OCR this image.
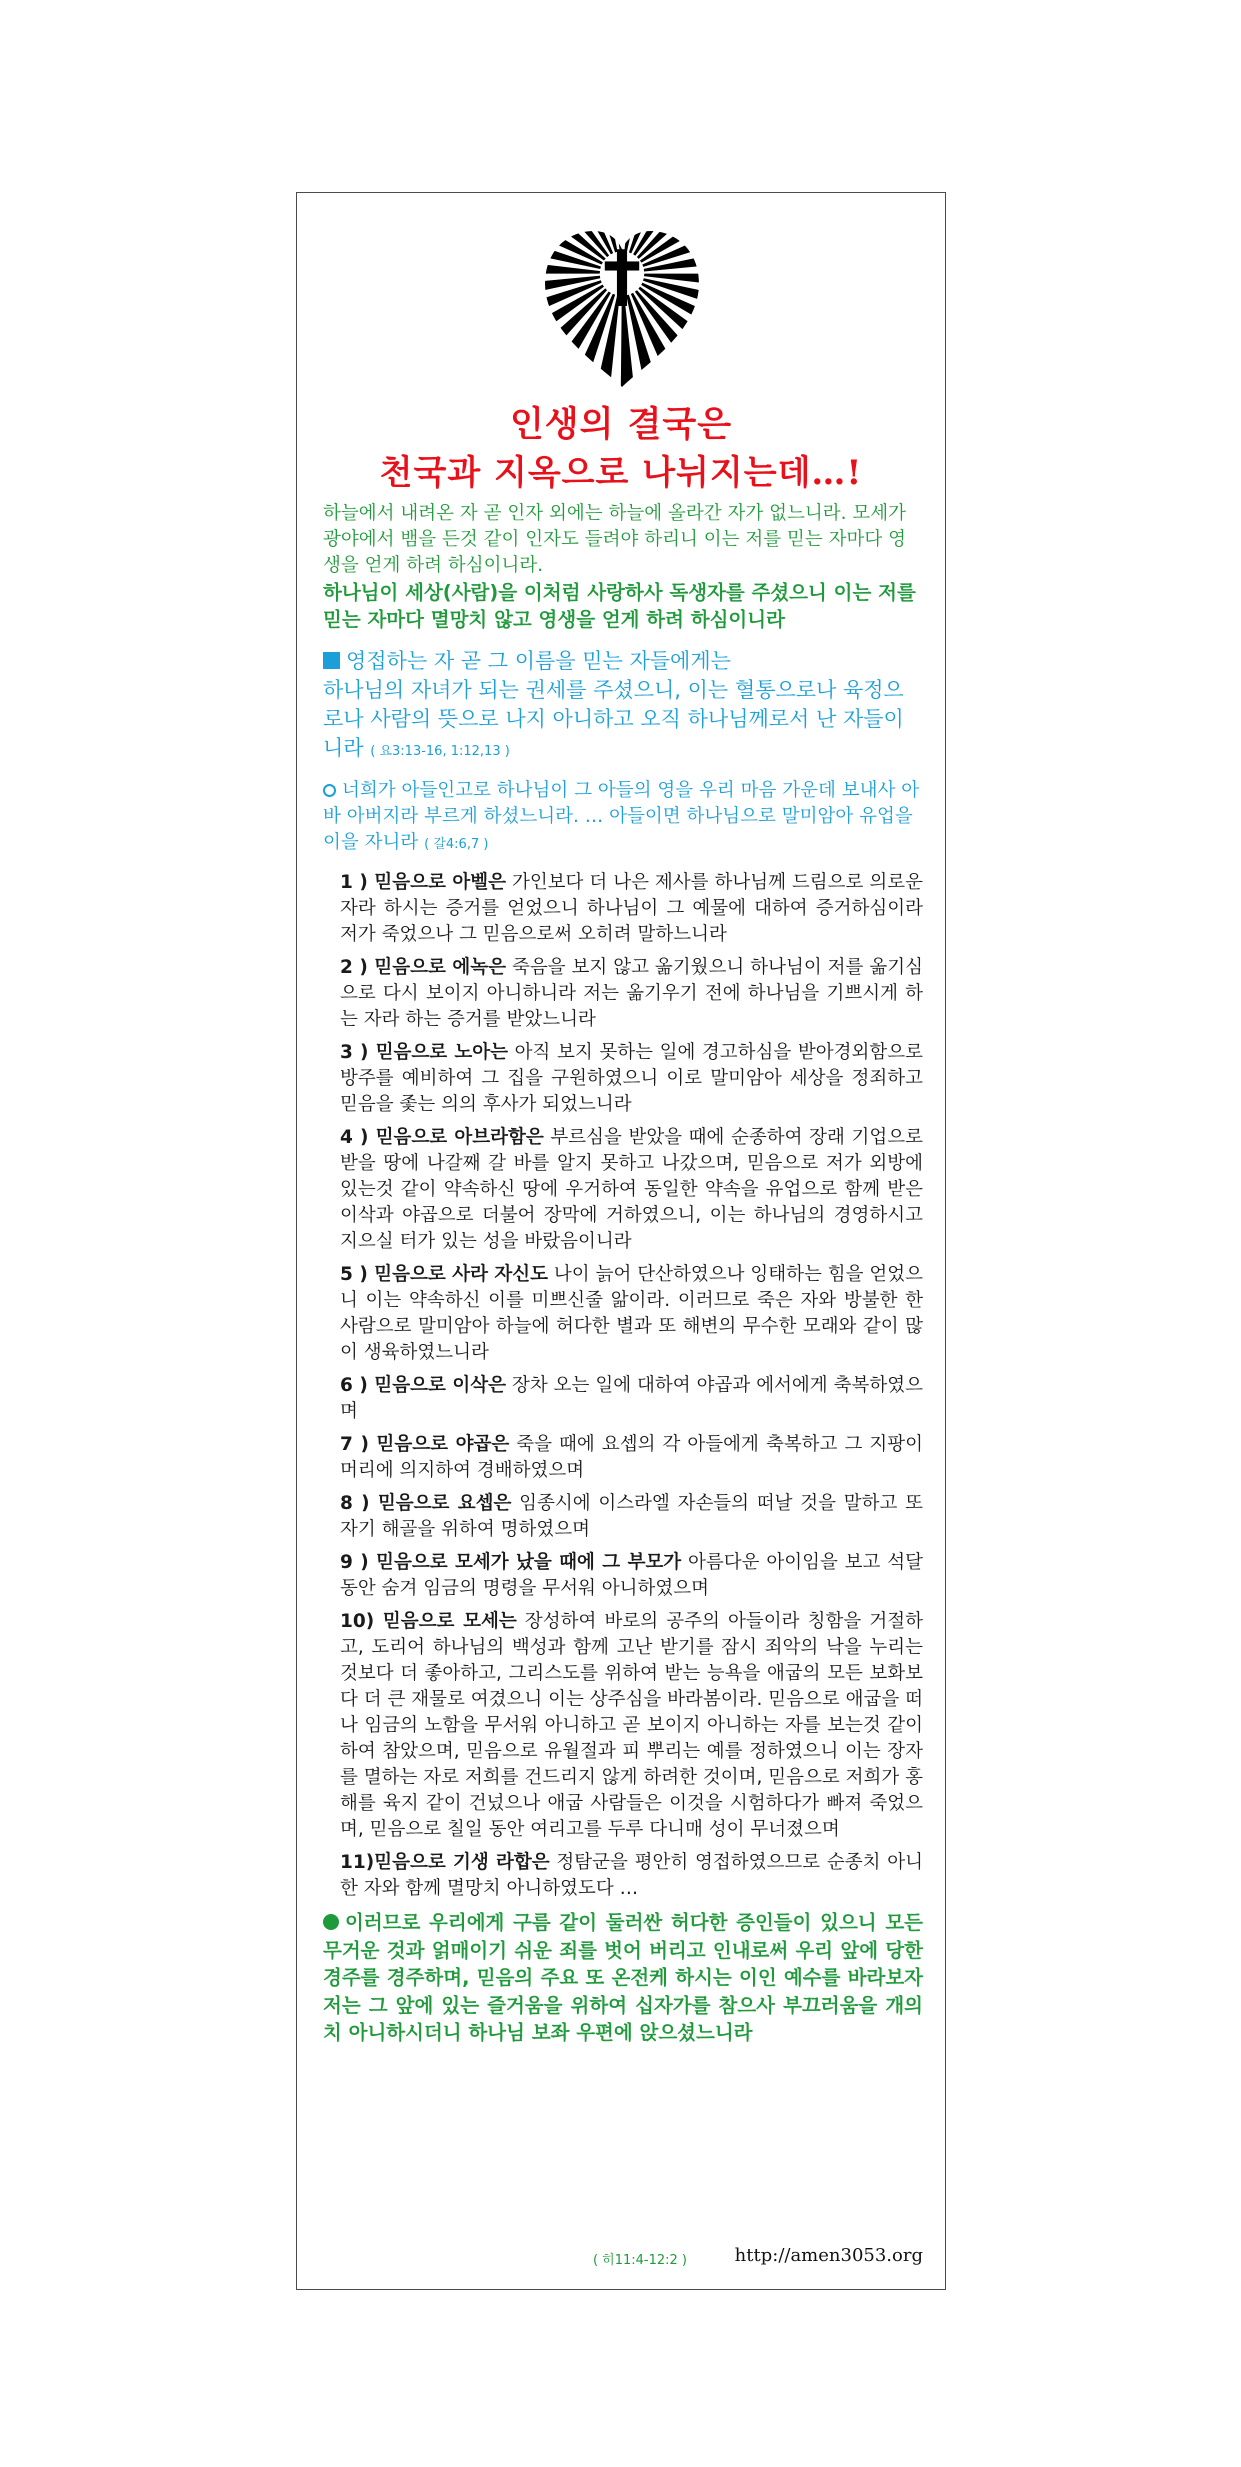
인생의 결국은
천국과 지옥으로 나뉘지는데…!

하늘에서 내려온 자 곧 인자 외에는 하늘에 올라간 자가 없느니라. 모세가 광야에서 뱀을 든것 같이 인자도 들려야 하리니 이는 저를 믿는 자마다 영생을 얻게 하려 하심이니라.

하나님이 세상(사람)을 이처럼 사랑하사 독생자를 주셨으니 이는 저를 믿는 자마다 멸망치 않고 영생을 얻게 하려 하심이니라

영접하는 자 곧 그 이름을 믿는 자들에게는
하나님의 자녀가 되는 권세를 주셨으니, 이는 혈통으로나 육정으로나 사람의 뜻으로 나지 아니하고 오직 하나님께로서 난 자들이니라 ( 요3:13-16, 1:12,13 )
너희가 아들인고로 하나님이 그 아들의 영을 우리 마음 가운데 보내사 아바 아버지라 부르게 하셨느니라. … 아들이면 하나님으로 말미암아 유업을 이을 자니라 ( 갈4:6,7 )

1 ) 믿음으로 아벨은 가인보다 더 나은 제사를 하나님께 드림으로 의로운 자라 하시는 증거를 얻었으니 하나님이 그 예물에 대하여 증거하심이라 저가 죽었으나 그 믿음으로써 오히려 말하느니라

2 ) 믿음으로 에녹은 죽음을 보지 않고 옮기웠으니 하나님이 저를 옮기심으로 다시 보이지 아니하니라 저는 옮기우기 전에 하나님을 기쁘시게 하는 자라 하는 증거를 받았느니라

3 ) 믿음으로 노아는 아직 보지 못하는 일에 경고하심을 받아경외함으로 방주를 예비하여 그 집을 구원하였으니 이로 말미암아 세상을 정죄하고 믿음을 좇는 의의 후사가 되었느니라

4 ) 믿음으로 아브라함은 부르심을 받았을 때에 순종하여 장래 기업으로 받을 땅에 나갈째 갈 바를 알지 못하고 나갔으며, 믿음으로 저가 외방에 있는것 같이 약속하신 땅에 우거하여 동일한 약속을 유업으로 함께 받은 이삭과 야곱으로 더불어 장막에 거하였으니, 이는 하나님의 경영하시고 지으실 터가 있는 성을 바랐음이니라

5 ) 믿음으로 사라 자신도 나이 늙어 단산하였으나 잉태하는 힘을 얻었으니 이는 약속하신 이를 미쁘신줄 앎이라. 이러므로 죽은 자와 방불한 한 사람으로 말미암아 하늘에 허다한 별과 또 해변의 무수한 모래와 같이 많이 생육하였느니라

6 ) 믿음으로 이삭은 장차 오는 일에 대하여 야곱과 에서에게 축복하였으며

7 ) 믿음으로 야곱은 죽을 때에 요셉의 각 아들에게 축복하고 그 지팡이 머리에 의지하여 경배하였으며

8 ) 믿음으로 요셉은 임종시에 이스라엘 자손들의 떠날 것을 말하고 또 자기 해골을 위하여 명하였으며

9 ) 믿음으로 모세가 났을 때에 그 부모가 아름다운 아이임을 보고 석달 동안 숨겨 임금의 명령을 무서워 아니하였으며

10) 믿음으로 모세는 장성하여 바로의 공주의 아들이라 칭함을 거절하고, 도리어 하나님의 백성과 함께 고난 받기를 잠시 죄악의 낙을 누리는 것보다 더 좋아하고, 그리스도를 위하여 받는 능욕을 애굽의 모든 보화보다 더 큰 재물로 여겼으니 이는 상주심을 바라봄이라. 믿음으로 애굽을 떠나 임금의 노함을 무서워 아니하고 곧 보이지 아니하는 자를 보는것 같이 하여 참았으며, 믿음으로 유월절과 피 뿌리는 예를 정하였으니 이는 장자를 멸하는 자로 저희를 건드리지 않게 하려한 것이며, 믿음으로 저희가 홍해를 육지 같이 건넜으나 애굽 사람들은 이것을 시험하다가 빠져 죽었으며, 믿음으로 칠일 동안 여리고를 두루 다니매 성이 무너졌으며

11)믿음으로 기생 라합은 정탐군을 평안히 영접하였으므로 순종치 아니한 자와 함께 멸망치 아니하였도다 …

이러므로 우리에게 구름 같이 둘러싼 허다한 증인들이 있으니 모든 무거운 것과 얽매이기 쉬운 죄를 벗어 버리고 인내로써 우리 앞에 당한 경주를 경주하며, 믿음의 주요 또 온전케 하시는 이인 예수를 바라보자 저는 그 앞에 있는 즐거움을 위하여 십자가를 참으사 부끄러움을 개의치 아니하시더니 하나님 보좌 우편에 앉으셨느니라
( 히11:4-12:2 )	http://amen3053.org
